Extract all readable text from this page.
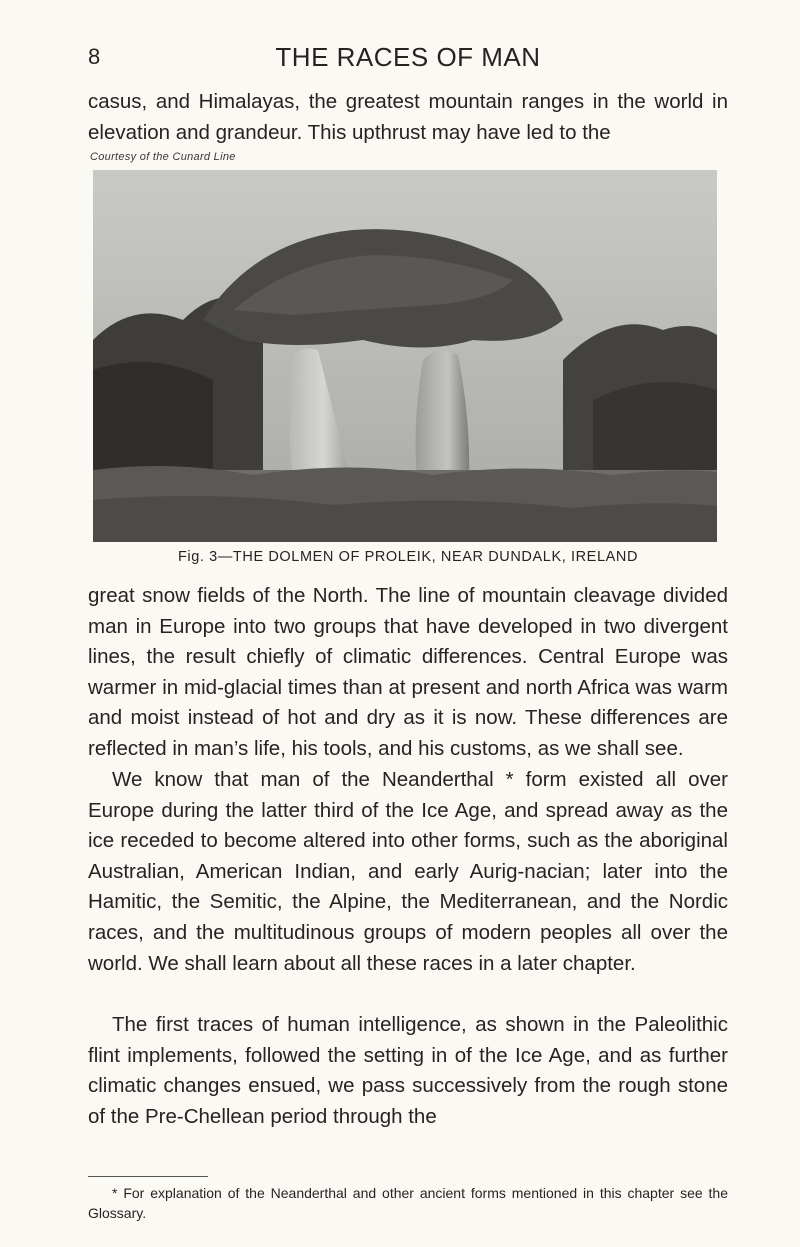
8	THE RACES OF MAN
casus, and Himalayas, the greatest mountain ranges in the world in elevation and grandeur. This upthrust may have led to the
Courtesy of the Cunard Line
Fig. 3—THE DOLMEN OF PROLEIK, NEAR DUNDALK, IRELAND
great snow fields of the North. The line of mountain cleavage divided man in Europe into two groups that have developed in two divergent lines, the result chiefly of climatic differences. Central Europe was warmer in mid-glacial times than at present and north Africa was warm and moist instead of hot and dry as it is now. These differences are reflected in man’s life, his tools, and his customs, as we shall see.
We know that man of the Neanderthal * form existed all over Europe during the latter third of the Ice Age, and spread away as the ice receded to become altered into other forms, such as the aboriginal Australian, American Indian, and early Aurig-nacian; later into the Hamitic, the Semitic, the Alpine, the Mediterranean, and the Nordic races, and the multitudinous groups of modern peoples all over the world. We shall learn about all these races in a later chapter.
The first traces of human intelligence, as shown in the Paleolithic flint implements, followed the setting in of the Ice Age, and as further climatic changes ensued, we pass successively from the rough stone of the Pre-Chellean period through the
* For explanation of the Neanderthal and other ancient forms mentioned in this chapter see the Glossary.
